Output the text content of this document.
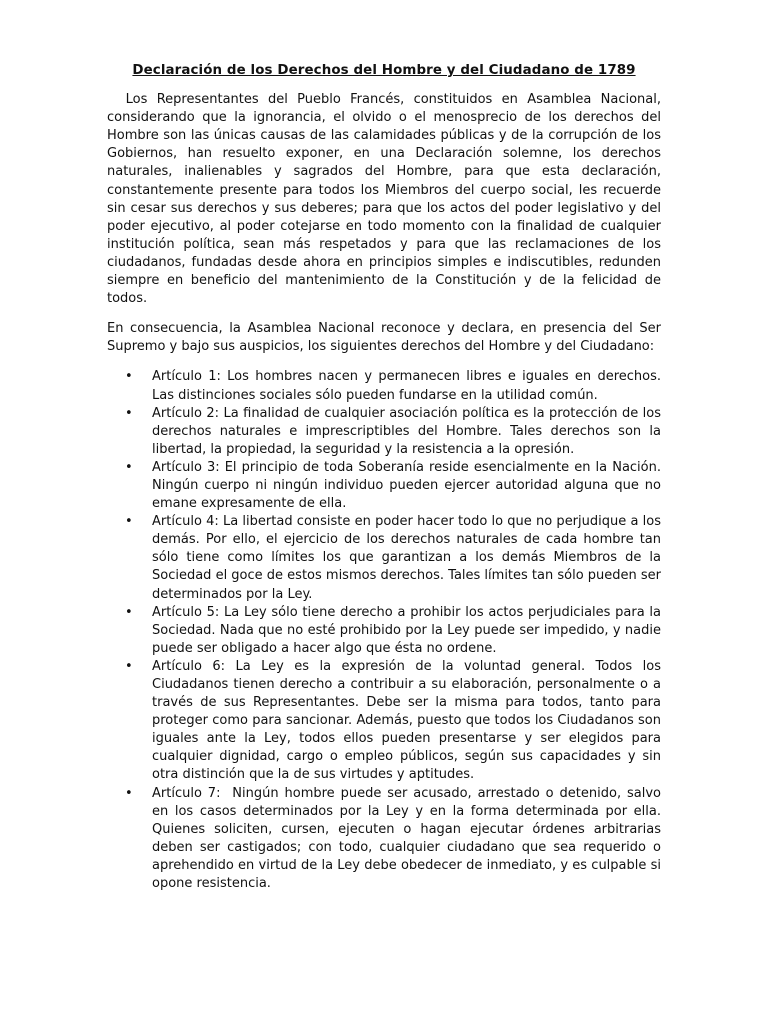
Declaración de los Derechos del Hombre y del Ciudadano de 1789
Los Representantes del Pueblo Francés, constituidos en Asamblea Nacional, considerando que la ignorancia, el olvido o el menosprecio de los derechos del Hombre son las únicas causas de las calamidades públicas y de la corrupción de los Gobiernos, han resuelto exponer, en una Declaración solemne, los derechos naturales, inalienables y sagrados del Hombre, para que esta declaración, constantemente presente para todos los Miembros del cuerpo social, les recuerde sin cesar sus derechos y sus deberes; para que los actos del poder legislativo y del poder ejecutivo, al poder cotejarse en todo momento con la finalidad de cualquier institución política, sean más respetados y para que las reclamaciones de los ciudadanos, fundadas desde ahora en principios simples e indiscutibles, redunden siempre en beneficio del mantenimiento de la Constitución y de la felicidad de todos.
En consecuencia, la Asamblea Nacional reconoce y declara, en presencia del Ser Supremo y bajo sus auspicios, los siguientes derechos del Hombre y del Ciudadano:
• Artículo 1: Los hombres nacen y permanecen libres e iguales en derechos. Las distinciones sociales sólo pueden fundarse en la utilidad común.
• Artículo 2: La finalidad de cualquier asociación política es la protección de los derechos naturales e imprescriptibles del Hombre. Tales derechos son la libertad, la propiedad, la seguridad y la resistencia a la opresión.
• Artículo 3: El principio de toda Soberanía reside esencialmente en la Nación. Ningún cuerpo ni ningún individuo pueden ejercer autoridad alguna que no emane expresamente de ella.
• Artículo 4: La libertad consiste en poder hacer todo lo que no perjudique a los demás. Por ello, el ejercicio de los derechos naturales de cada hombre tan sólo tiene como límites los que garantizan a los demás Miembros de la Sociedad el goce de estos mismos derechos. Tales límites tan sólo pueden ser determinados por la Ley.
• Artículo 5: La Ley sólo tiene derecho a prohibir los actos perjudiciales para la Sociedad. Nada que no esté prohibido por la Ley puede ser impedido, y nadie puede ser obligado a hacer algo que ésta no ordene.
• Artículo 6: La Ley es la expresión de la voluntad general. Todos los Ciudadanos tienen derecho a contribuir a su elaboración, personalmente o a través de sus Representantes. Debe ser la misma para todos, tanto para proteger como para sancionar. Además, puesto que todos los Ciudadanos son iguales ante la Ley, todos ellos pueden presentarse y ser elegidos para cualquier dignidad, cargo o empleo públicos, según sus capacidades y sin otra distinción que la de sus virtudes y aptitudes.
• Artículo 7:  Ningún hombre puede ser acusado, arrestado o detenido, salvo en los casos determinados por la Ley y en la forma determinada por ella. Quienes soliciten, cursen, ejecuten o hagan ejecutar órdenes arbitrarias deben ser castigados; con todo, cualquier ciudadano que sea requerido o aprehendido en virtud de la Ley debe obedecer de inmediato, y es culpable si opone resistencia.
